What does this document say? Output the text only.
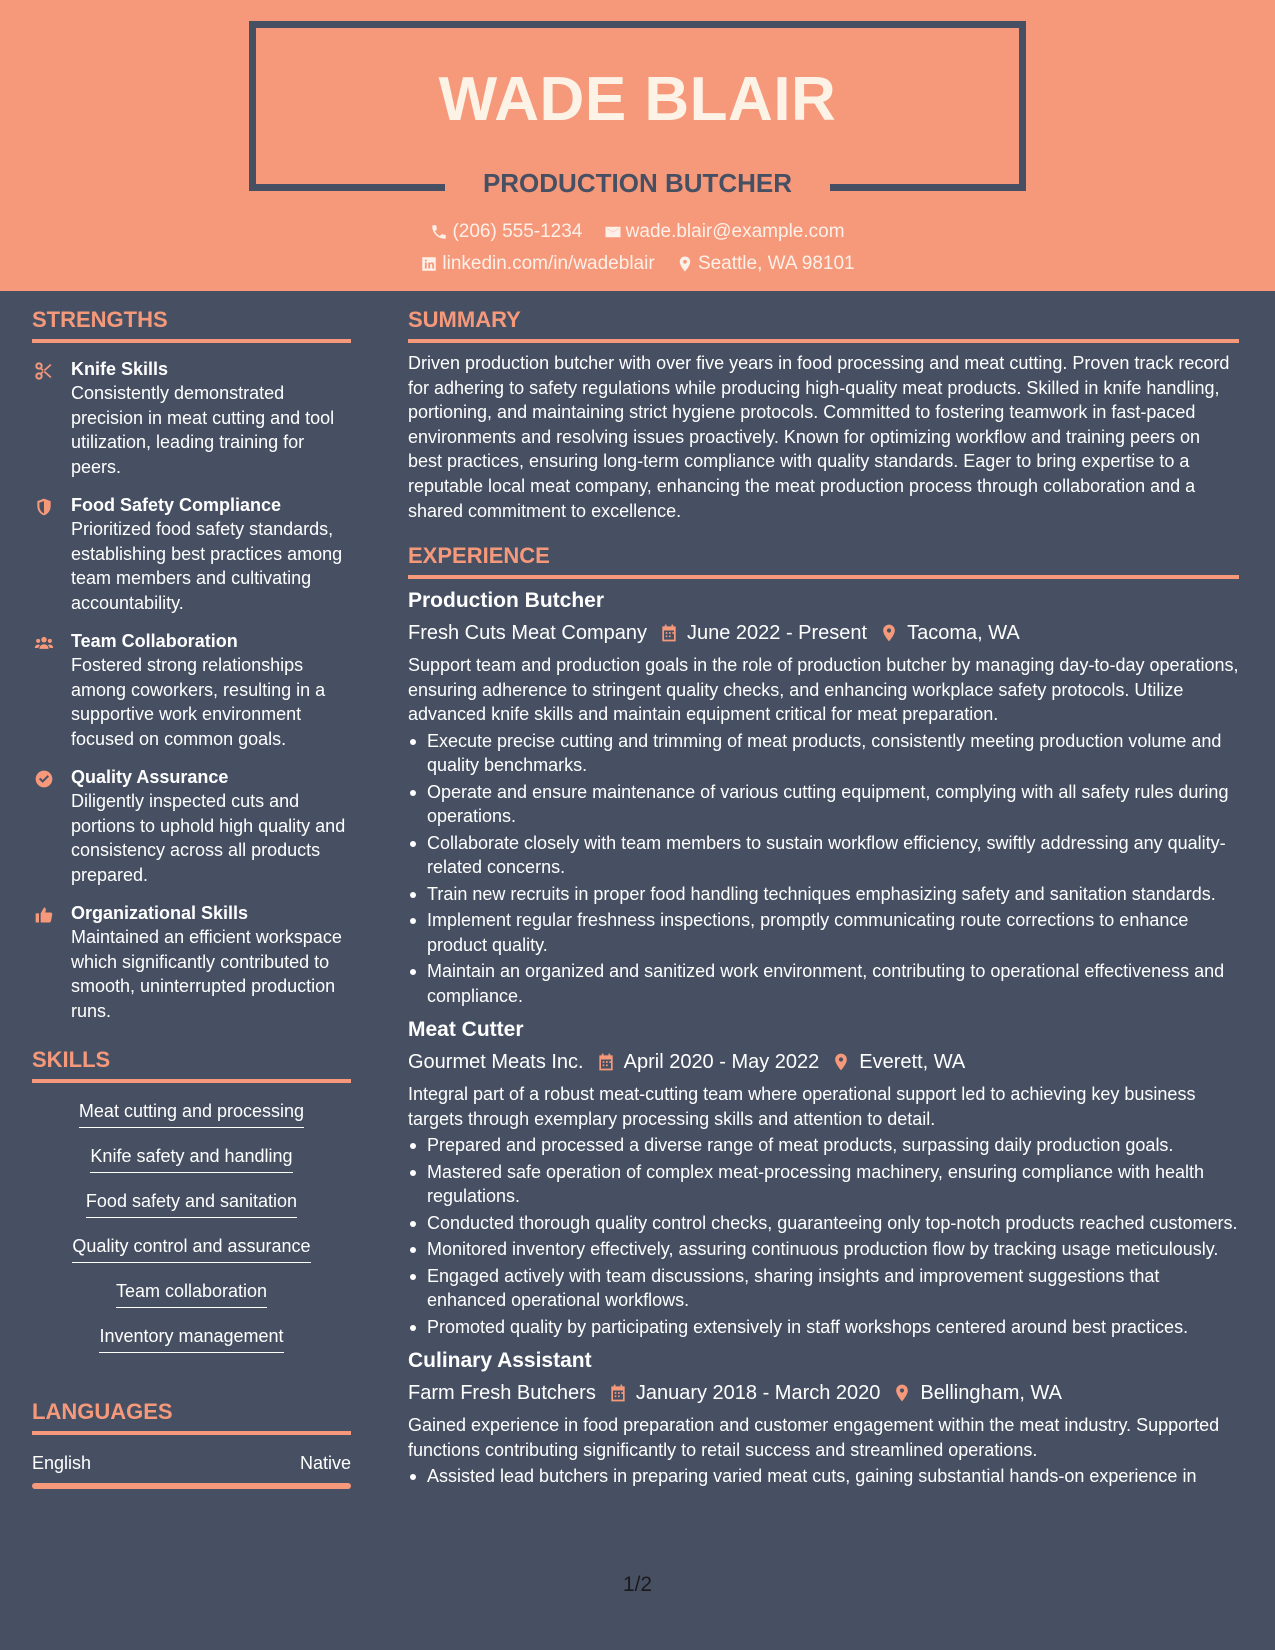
WADE BLAIR
PRODUCTION BUTCHER
(206) 555-1234
wade.blair@example.com
linkedin.com/in/wadeblair
Seattle, WA 98101
STRENGTHS
Knife Skills
Consistently demonstrated precision in meat cutting and tool utilization, leading training for peers.
Food Safety Compliance
Prioritized food safety standards, establishing best practices among team members and cultivating accountability.
Team Collaboration
Fostered strong relationships among coworkers, resulting in a supportive work environment focused on common goals.
Quality Assurance
Diligently inspected cuts and portions to uphold high quality and consistency across all products prepared.
Organizational Skills
Maintained an efficient workspace which significantly contributed to smooth, uninterrupted production runs.
SKILLS
Meat cutting and processing
Knife safety and handling
Food safety and sanitation
Quality control and assurance
Team collaboration
Inventory management
LANGUAGES
English	Native
SUMMARY
Driven production butcher with over five years in food processing and meat cutting. Proven track record for adhering to safety regulations while producing high-quality meat products. Skilled in knife handling, portioning, and maintaining strict hygiene protocols. Committed to fostering teamwork in fast-paced environments and resolving issues proactively. Known for optimizing workflow and training peers on best practices, ensuring long-term compliance with quality standards. Eager to bring expertise to a reputable local meat company, enhancing the meat production process through collaboration and a shared commitment to excellence.
EXPERIENCE
Production Butcher
Fresh Cuts Meat Company June 2022 - Present Tacoma, WA
Support team and production goals in the role of production butcher by managing day-to-day operations, ensuring adherence to stringent quality checks, and enhancing workplace safety protocols. Utilize advanced knife skills and maintain equipment critical for meat preparation.
Execute precise cutting and trimming of meat products, consistently meeting production volume and quality benchmarks.
Operate and ensure maintenance of various cutting equipment, complying with all safety rules during operations.
Collaborate closely with team members to sustain workflow efficiency, swiftly addressing any quality-related concerns.
Train new recruits in proper food handling techniques emphasizing safety and sanitation standards.
Implement regular freshness inspections, promptly communicating route corrections to enhance product quality.
Maintain an organized and sanitized work environment, contributing to operational effectiveness and compliance.
Meat Cutter
Gourmet Meats Inc. April 2020 - May 2022 Everett, WA
Integral part of a robust meat-cutting team where operational support led to achieving key business targets through exemplary processing skills and attention to detail.
Prepared and processed a diverse range of meat products, surpassing daily production goals.
Mastered safe operation of complex meat-processing machinery, ensuring compliance with health regulations.
Conducted thorough quality control checks, guaranteeing only top-notch products reached customers.
Monitored inventory effectively, assuring continuous production flow by tracking usage meticulously.
Engaged actively with team discussions, sharing insights and improvement suggestions that enhanced operational workflows.
Promoted quality by participating extensively in staff workshops centered around best practices.
Culinary Assistant
Farm Fresh Butchers January 2018 - March 2020 Bellingham, WA
Gained experience in food preparation and customer engagement within the meat industry. Supported functions contributing significantly to retail success and streamlined operations.
Assisted lead butchers in preparing varied meat cuts, gaining substantial hands-on experience in
1/2
